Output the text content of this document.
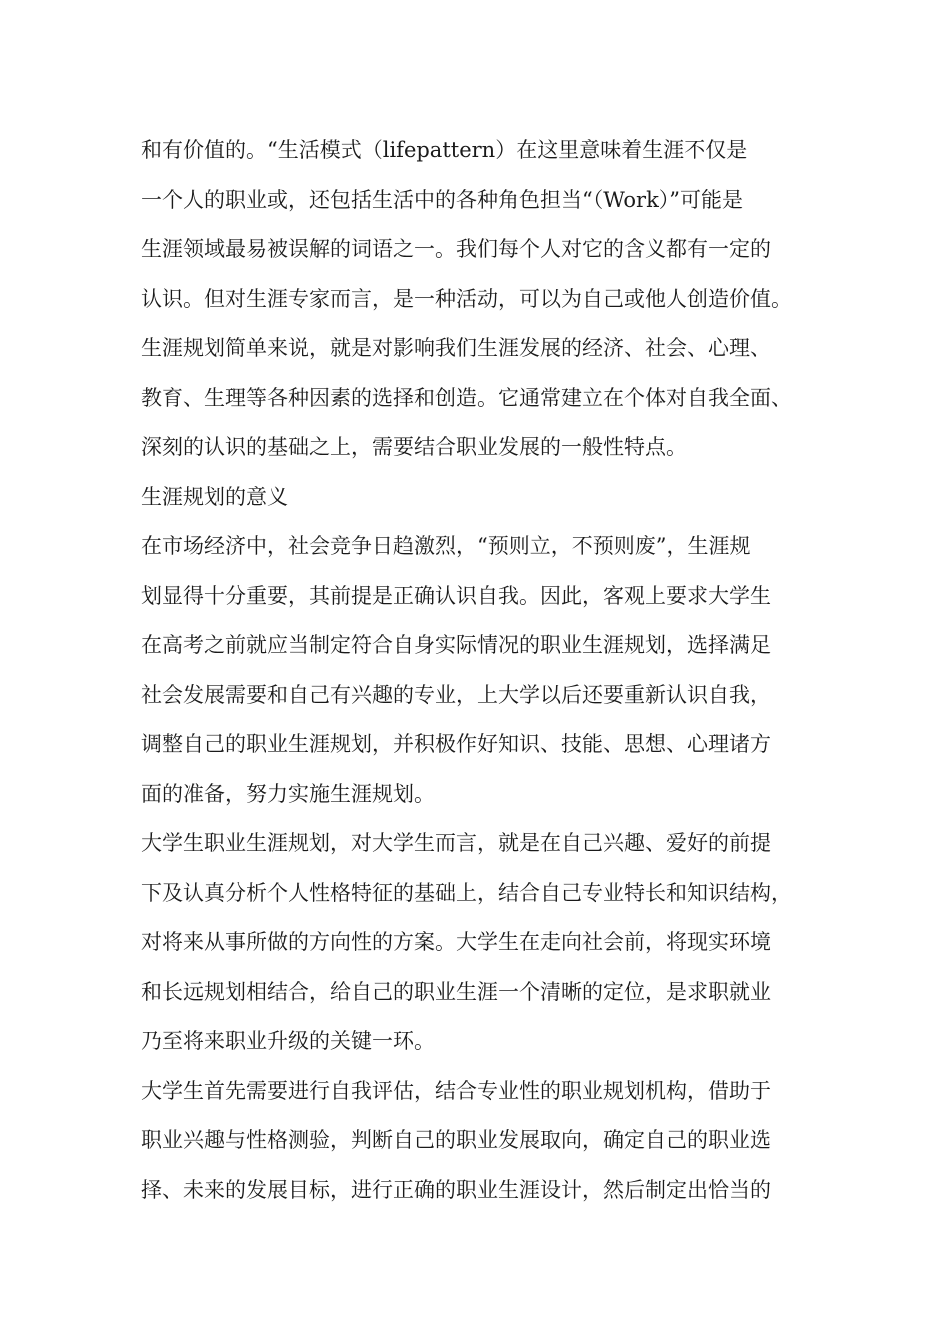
和有价值的。“生活模式（lifepattern）在这里意味着生涯不仅是
一个人的职业或，还包括生活中的各种角色担当“（Work）”可能是
生涯领域最易被误解的词语之一。我们每个人对它的含义都有一定的
认识。但对生涯专家而言，是一种活动，可以为自己或他人创造价值。
生涯规划简单来说，就是对影响我们生涯发展的经济、社会、心理、
教育、生理等各种因素的选择和创造。它通常建立在个体对自我全面、
深刻的认识的基础之上，需要结合职业发展的一般性特点。
生涯规划的意义
在市场经济中，社会竞争日趋激烈，“预则立，不预则废”，生涯规
划显得十分重要，其前提是正确认识自我。因此，客观上要求大学生
在高考之前就应当制定符合自身实际情况的职业生涯规划，选择满足
社会发展需要和自己有兴趣的专业，上大学以后还要重新认识自我，
调整自己的职业生涯规划，并积极作好知识、技能、思想、心理诸方
面的准备，努力实施生涯规划。
大学生职业生涯规划，对大学生而言，就是在自己兴趣、爱好的前提
下及认真分析个人性格特征的基础上，结合自己专业特长和知识结构，
对将来从事所做的方向性的方案。大学生在走向社会前，将现实环境
和长远规划相结合，给自己的职业生涯一个清晰的定位，是求职就业
乃至将来职业升级的关键一环。
大学生首先需要进行自我评估，结合专业性的职业规划机构，借助于
职业兴趣与性格测验，判断自己的职业发展取向，确定自己的职业选
择、未来的发展目标，进行正确的职业生涯设计，然后制定出恰当的
